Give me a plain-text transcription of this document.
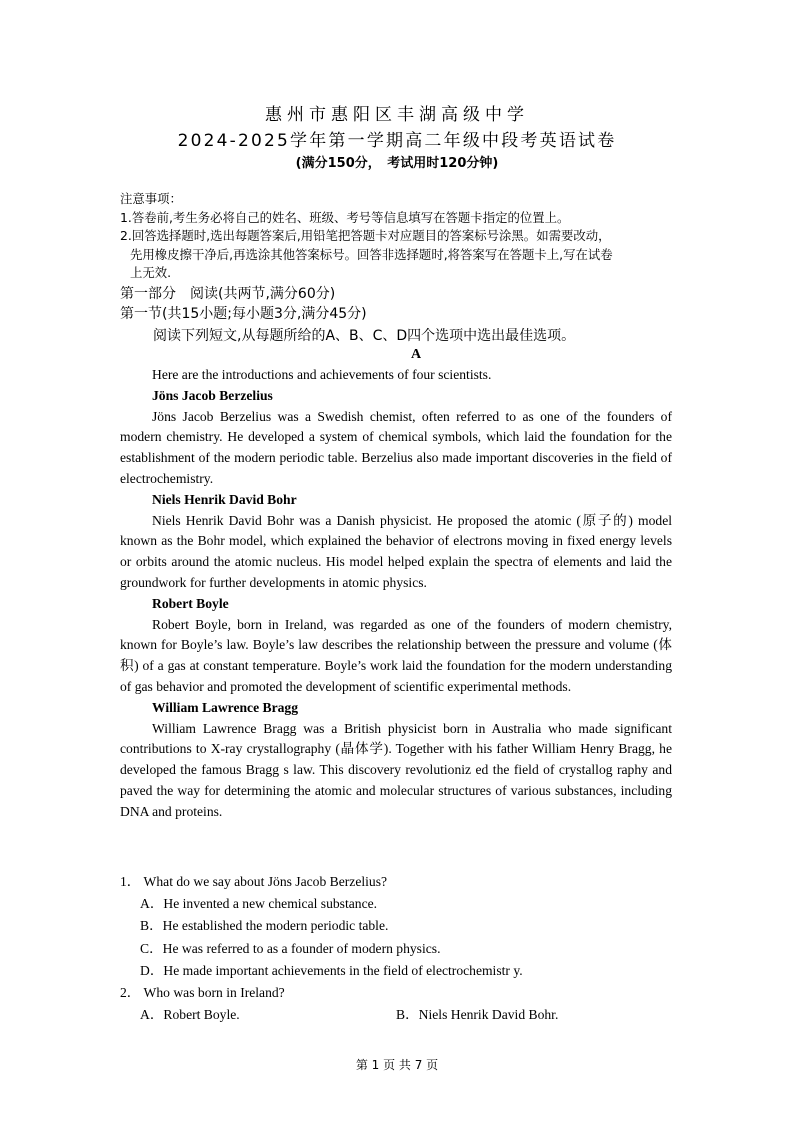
惠州市惠阳区丰湖高级中学
2024-2025学年第一学期高二年级中段考英语试卷
(满分150分，　考试用时120分钟)
注意事项：
1.答卷前,考生务必将自己的姓名、班级、考号等信息填写在答题卡指定的位置上。
2.回答选择题时,选出每题答案后,用铅笔把答题卡对应题目的答案标号涂黑。如需要改动，
先用橡皮擦干净后,再选涂其他答案标号。回答非选择题时,将答案写在答题卡上,写在试卷
上无效.
第一部分　阅读(共两节,满分60分)
第一节(共15小题;每小题3分,满分45分)
阅读下列短文,从每题所给的A、B、C、D四个选项中选出最佳选项。
A

Here are the introductions and achievements of four scientists.

Jöns Jacob Berzelius

Jöns Jacob Berzelius was a Swedish chemist, often referred to as one of the founders of modern chemistry. He developed a system of chemical symbols, which laid the foundation for the establishment of the modern periodic table. Berzelius also made important discoveries in the field of electrochemistry.

Niels Henrik David Bohr

Niels Henrik David Bohr was a Danish physicist. He proposed the atomic (原子的) model known as the Bohr model, which explained the behavior of electrons moving in fixed energy levels or orbits around the atomic nucleus. His model helped explain the spectra of elements and laid the groundwork for further developments in atomic physics.

Robert Boyle

Robert Boyle, born in Ireland, was regarded as one of the founders of modern chemistry, known for Boyle’s law. Boyle’s law describes the relationship between the pressure and volume (体积) of a gas at constant temperature. Boyle’s work laid the foundation for the modern understanding of gas behavior and promoted the development of scientific experimental methods.

William Lawrence Bragg

William Lawrence Bragg was a British physicist born in Australia who made significant contributions to X-ray crystallography (晶体学). Together with his father William Henry Bragg, he developed the famous Bragg s law. This discovery revolutioniz ed the field of crystallog raphy and paved the way for determining the atomic and molecular structures of various substances, including DNA and proteins.

1． What do we say about Jöns Jacob Berzelius?
A．He invented a new chemical substance.
B．He established the modern periodic table.
C．He was referred to as a founder of modern physics.
D．He made important achievements in the field of electrochemistr y.
2． Who was born in Ireland?
A．Robert Boyle.	B．Niels Henrik David Bohr.
第 1 页 共 7 页
